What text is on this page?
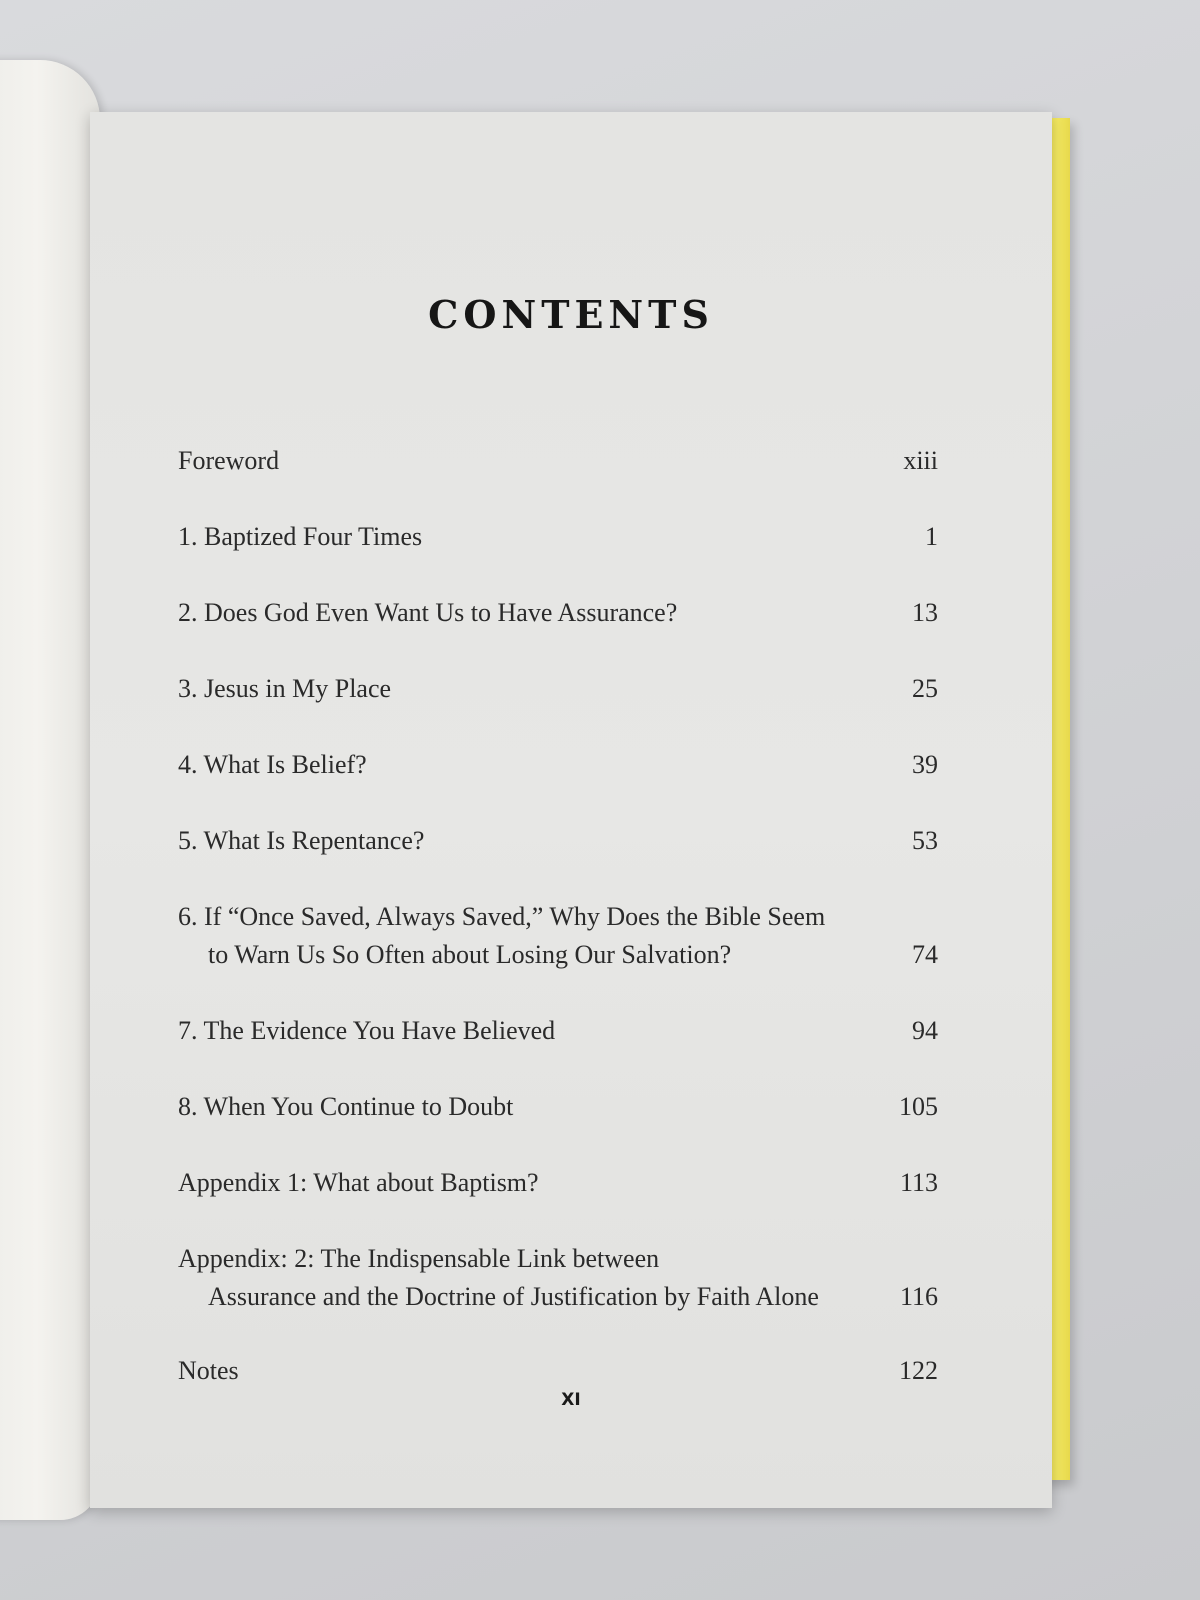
CONTENTS
Foreword	xiii
1. Baptized Four Times	1
2. Does God Even Want Us to Have Assurance?	13
3. Jesus in My Place	25
4. What Is Belief?	39
5. What Is Repentance?	53
6. If “Once Saved, Always Saved,” Why Does the Bible Seem
to Warn Us So Often about Losing Our Salvation?	74
7. The Evidence You Have Believed	94
8. When You Continue to Doubt	105
Appendix 1: What about Baptism?	113
Appendix: 2: The Indispensable Link between
Assurance and the Doctrine of Justification by Faith Alone	116
Notes	122
XI
